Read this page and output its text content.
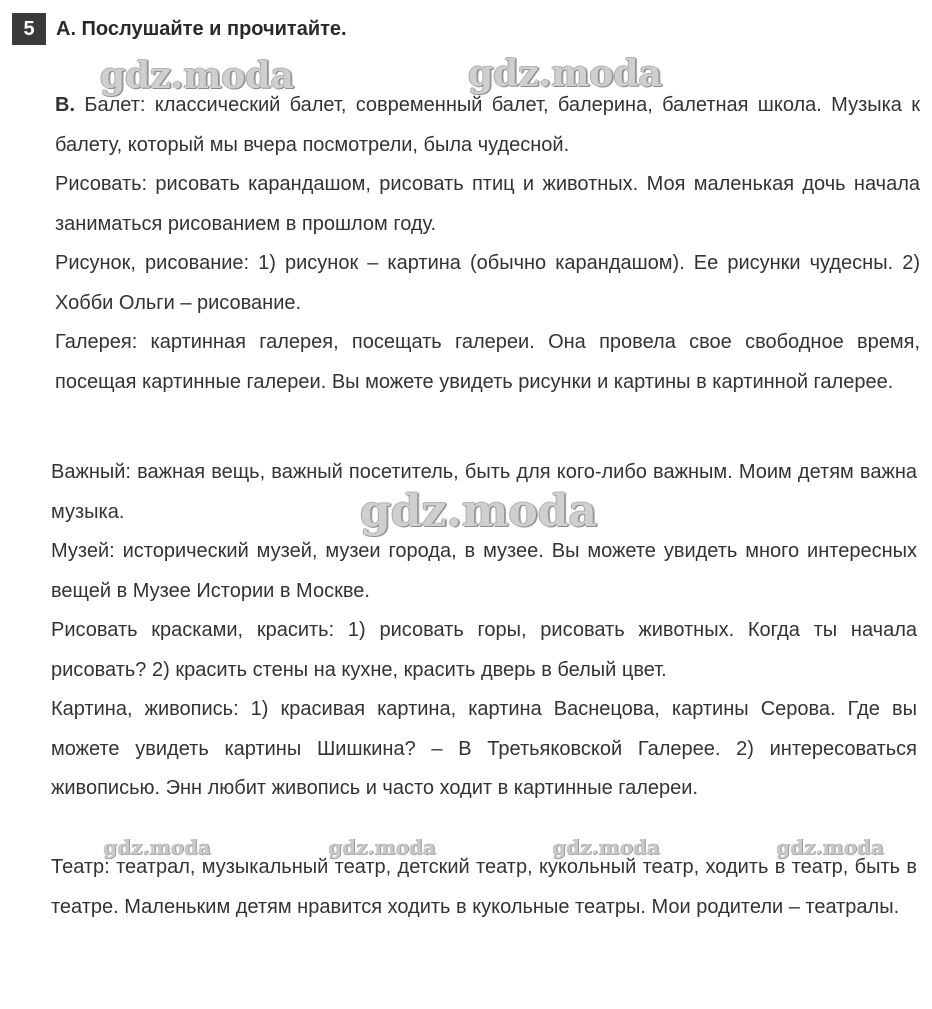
5	А. Послушайте и прочитайте.

В. Балет: классический балет, современный балет, балерина, балетная школа. Музыка к балету, который мы вчера посмотрели, была чудесной.

Рисовать: рисовать карандашом, рисовать птиц и животных. Моя маленькая дочь начала заниматься рисованием в прошлом году.

Рисунок, рисование: 1) рисунок – картина (обычно карандашом). Ее рисунки чудесны. 2) Хобби Ольги – рисование.

Галерея: картинная галерея, посещать галереи. Она провела свое свободное время, посещая картинные галереи. Вы можете увидеть рисунки и картины в картинной галерее.

Важный: важная вещь, важный посетитель, быть для кого-либо важным. Моим детям важна музыка.

Музей: исторический музей, музеи города, в музее. Вы можете увидеть много интересных вещей в Музее Истории в Москве.

Рисовать красками, красить: 1) рисовать горы, рисовать животных. Когда ты начала рисовать? 2) красить стены на кухне, красить дверь в белый цвет.

Картина, живопись: 1) красивая картина, картина Васнецова, картины Серова. Где вы можете увидеть картины Шишкина? – В Третьяковской Галерее. 2) интересоваться живописью. Энн любит живопись и часто ходит в картинные галереи.

Театр: театрал, музыкальный театр, детский театр, кукольный театр, ходить в театр, быть в театре. Маленьким детям нравится ходить в кукольные театры. Мои родители – театралы.

gdz.moda	gdz.moda
gdz.moda
gdz.moda	gdz.moda	gdz.moda	gdz.moda
